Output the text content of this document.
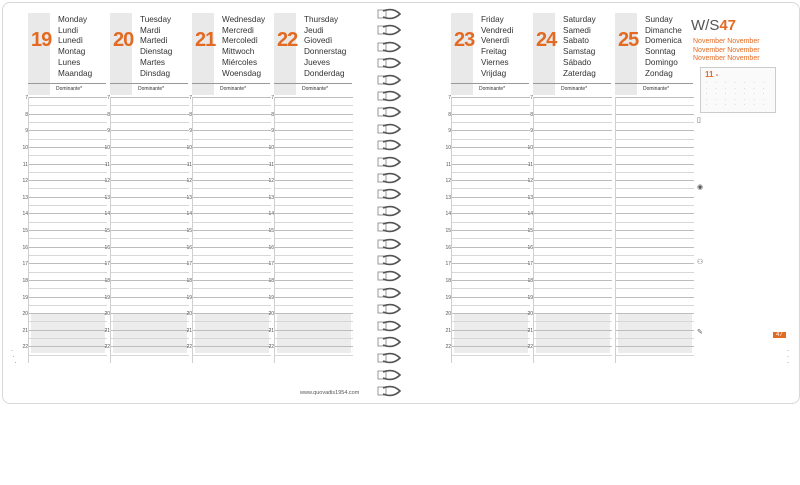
19
Monday
Lundi
Lunedì
Montag
Lunes
Maandag
Dominante*
7
8
9
10
11
12
13
14
15
16
17
18
19
20
21
22
20
Tuesday
Mardi
Martedì
Dienstag
Martes
Dinsdag
Dominante*
7
8
9
10
11
12
13
14
15
16
17
18
19
20
21
22
21
Wednesday
Mercredi
Mercoledì
Mittwoch
Miércoles
Woensdag
Dominante*
7
8
9
10
11
12
13
14
15
16
17
18
19
20
21
22
22
Thursday
Jeudi
Giovedì
Donnerstag
Jueves
Donderdag
Dominante*
7
8
9
10
11
12
13
14
15
16
17
18
19
20
21
22
23
Friday
Vendredi
Venerdì
Freitag
Viernes
Vrijdag
Dominante*
7
8
9
10
11
12
13
14
15
16
17
18
19
20
21
22
24
Saturday
Samedi
Sabato
Samstag
Sábado
Zaterdag
Dominante*
7
8
9
10
11
12
13
14
15
16
17
18
19
20
21
22
25
Sunday
Dimanche
Domenica
Sonntag
Domingo
Zondag
Dominante*
W/S47
November November
November November
November November
11 -
· · · · · · ·
· · · · · · ·
· · · · · · ·
· · · · · · ·
· · · · · · ·
▯
◉
⚇
✎
www.quovadis1954.com
47
·
·
·
·
·
·
